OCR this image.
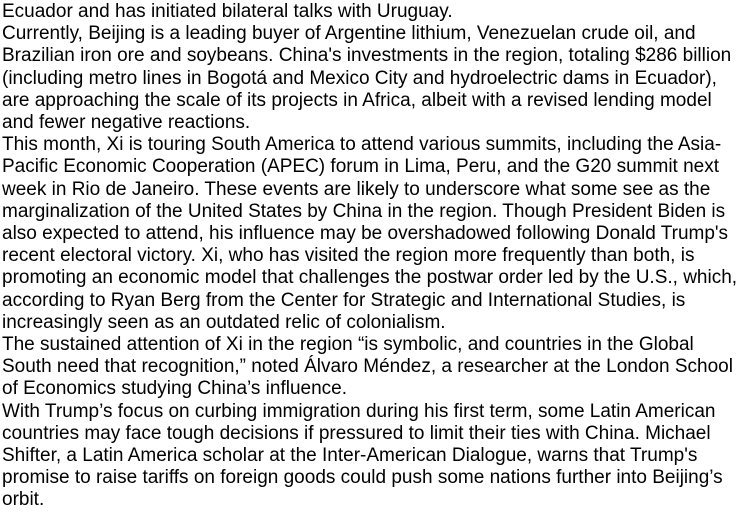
Ecuador and has initiated bilateral talks with Uruguay.
Currently, Beijing is a leading buyer of Argentine lithium, Venezuelan crude oil, and
Brazilian iron ore and soybeans. China's investments in the region, totaling $286 billion
(including metro lines in Bogotá and Mexico City and hydroelectric dams in Ecuador),
are approaching the scale of its projects in Africa, albeit with a revised lending model
and fewer negative reactions.
This month, Xi is touring South America to attend various summits, including the Asia-
Pacific Economic Cooperation (APEC) forum in Lima, Peru, and the G20 summit next
week in Rio de Janeiro. These events are likely to underscore what some see as the
marginalization of the United States by China in the region. Though President Biden is
also expected to attend, his influence may be overshadowed following Donald Trump's
recent electoral victory. Xi, who has visited the region more frequently than both, is
promoting an economic model that challenges the postwar order led by the U.S., which,
according to Ryan Berg from the Center for Strategic and International Studies, is
increasingly seen as an outdated relic of colonialism.
The sustained attention of Xi in the region “is symbolic, and countries in the Global
South need that recognition,” noted Álvaro Méndez, a researcher at the London School
of Economics studying China’s influence.
With Trump’s focus on curbing immigration during his first term, some Latin American
countries may face tough decisions if pressured to limit their ties with China. Michael
Shifter, a Latin America scholar at the Inter-American Dialogue, warns that Trump's
promise to raise tariffs on foreign goods could push some nations further into Beijing’s
orbit.
